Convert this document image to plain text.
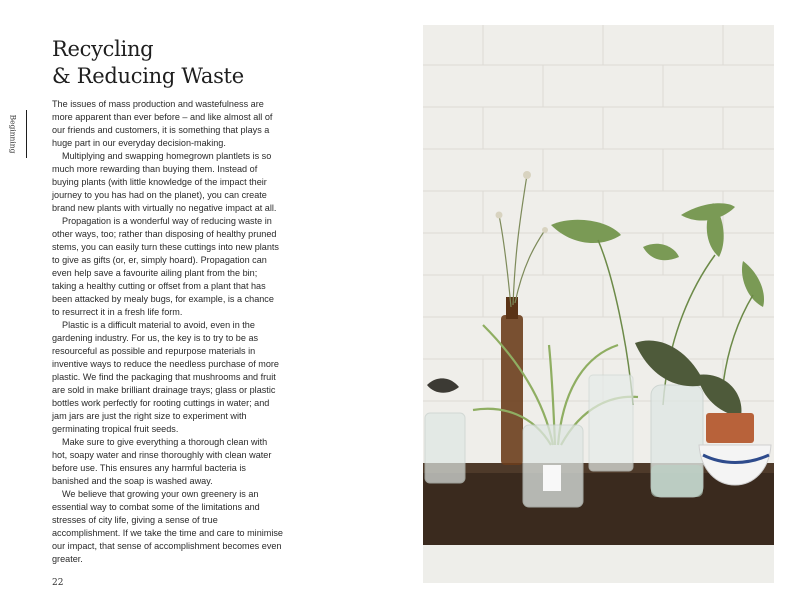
Recycling
& Reducing Waste
Beginning

The issues of mass production and wastefulness are more apparent than ever before – and like almost all of our friends and customers, it is something that plays a huge part in our everyday decision-making.

Multiplying and swapping homegrown plantlets is so much more rewarding than buying them. Instead of buying plants (with little knowledge of the impact their journey to you has had on the planet), you can create brand new plants with virtually no negative impact at all.

Propagation is a wonderful way of reducing waste in other ways, too; rather than disposing of healthy pruned stems, you can easily turn these cuttings into new plants to give as gifts (or, er, simply hoard). Propagation can even help save a favourite ailing plant from the bin; taking a healthy cutting or offset from a plant that has been attacked by mealy bugs, for example, is a chance to resurrect it in a fresh life form.

Plastic is a difficult material to avoid, even in the gardening industry. For us, the key is to try to be as resourceful as possible and repurpose materials in inventive ways to reduce the needless purchase of more plastic. We find the packaging that mushrooms and fruit are sold in make brilliant drainage trays; glass or plastic bottles work perfectly for rooting cuttings in water; and jam jars are just the right size to experiment with germinating tropical fruit seeds.

Make sure to give everything a thorough clean with hot, soapy water and rinse thoroughly with clean water before use. This ensures any harmful bacteria is banished and the soap is washed away.

We believe that growing your own greenery is an essential way to combat some of the limitations and stresses of city life, giving a sense of true accomplishment. If we take the time and care to minimise our impact, that sense of accomplishment becomes even greater.

22
